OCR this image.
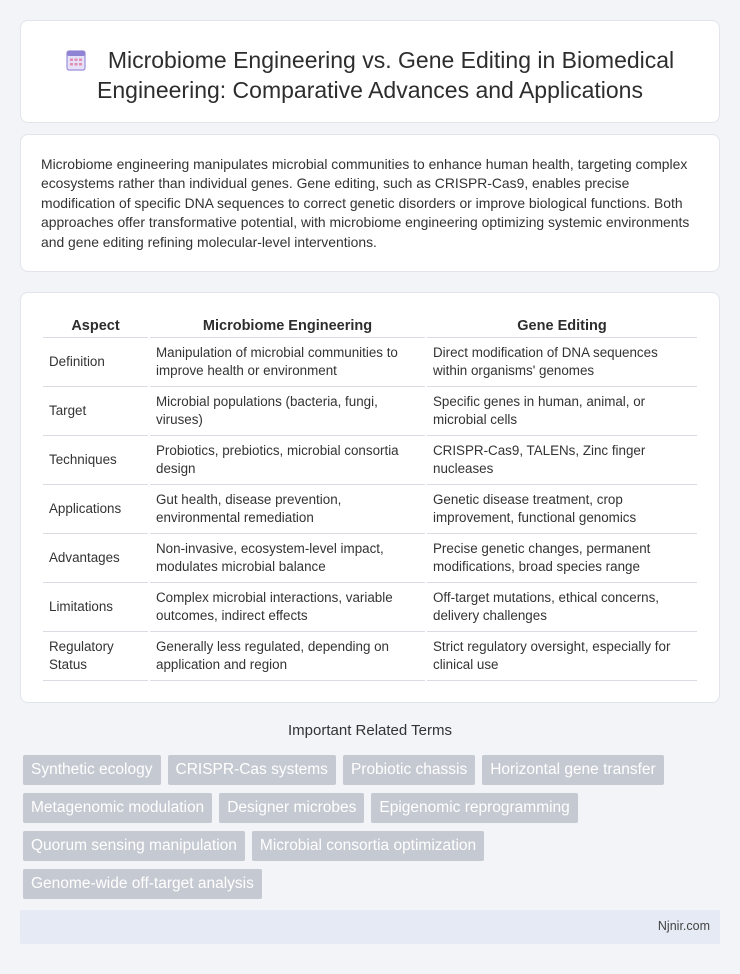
Microbiome Engineering vs. Gene Editing in Biomedical
Engineering: Comparative Advances and Applications

Microbiome engineering manipulates microbial communities to enhance human health, targeting complex ecosystems rather than individual genes. Gene editing, such as CRISPR-Cas9, enables precise modification of specific DNA sequences to correct genetic disorders or improve biological functions. Both approaches offer transformative potential, with microbiome engineering optimizing systemic environments and gene editing refining molecular-level interventions.

Aspect	Microbiome Engineering	Gene Editing
Definition	Manipulation of microbial communities to improve health or environment	Direct modification of DNA sequences within organisms' genomes
Target	Microbial populations (bacteria, fungi, viruses)	Specific genes in human, animal, or microbial cells
Techniques	Probiotics, prebiotics, microbial consortia design	CRISPR-Cas9, TALENs, Zinc finger nucleases
Applications	Gut health, disease prevention, environmental remediation	Genetic disease treatment, crop improvement, functional genomics
Advantages	Non-invasive, ecosystem-level impact, modulates microbial balance	Precise genetic changes, permanent modifications, broad species range
Limitations	Complex microbial interactions, variable outcomes, indirect effects	Off-target mutations, ethical concerns, delivery challenges
Regulatory Status	Generally less regulated, depending on application and region	Strict regulatory oversight, especially for clinical use
Important Related Terms
Synthetic ecology	CRISPR-Cas systems	Probiotic chassis	Horizontal gene transfer
Metagenomic modulation	Designer microbes	Epigenomic reprogramming
Quorum sensing manipulation	Microbial consortia optimization
Genome-wide off-target analysis
Njnir.com
